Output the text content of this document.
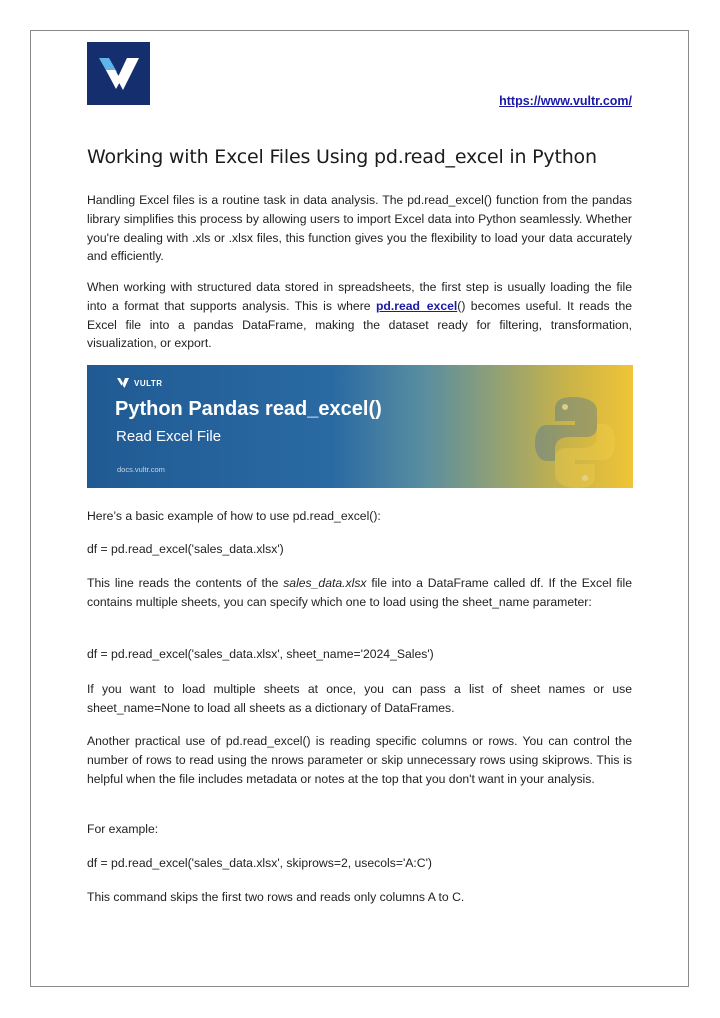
https://www.vultr.com/
Working with Excel Files Using pd.read_excel in Python

Handling Excel files is a routine task in data analysis. The pd.read_excel() function from the pandas library simplifies this process by allowing users to import Excel data into Python seamlessly. Whether you're dealing with .xls or .xlsx files, this function gives you the flexibility to load your data accurately and efficiently.

When working with structured data stored in spreadsheets, the first step is usually loading the file into a format that supports analysis. This is where pd.read_excel() becomes useful. It reads the Excel file into a pandas DataFrame, making the dataset ready for filtering, transformation, visualization, or export.

VULTR
Python Pandas read_excel()
Read Excel File
docs.vultr.com

Here’s a basic example of how to use pd.read_excel():

df = pd.read_excel('sales_data.xlsx')

This line reads the contents of the sales_data.xlsx file into a DataFrame called df. If the Excel file contains multiple sheets, you can specify which one to load using the sheet_name parameter:

df = pd.read_excel('sales_data.xlsx', sheet_name='2024_Sales')

If you want to load multiple sheets at once, you can pass a list of sheet names or use sheet_name=None to load all sheets as a dictionary of DataFrames.

Another practical use of pd.read_excel() is reading specific columns or rows. You can control the number of rows to read using the nrows parameter or skip unnecessary rows using skiprows. This is helpful when the file includes metadata or notes at the top that you don't want in your analysis.

For example:

df = pd.read_excel('sales_data.xlsx', skiprows=2, usecols='A:C')

This command skips the first two rows and reads only columns A to C.
